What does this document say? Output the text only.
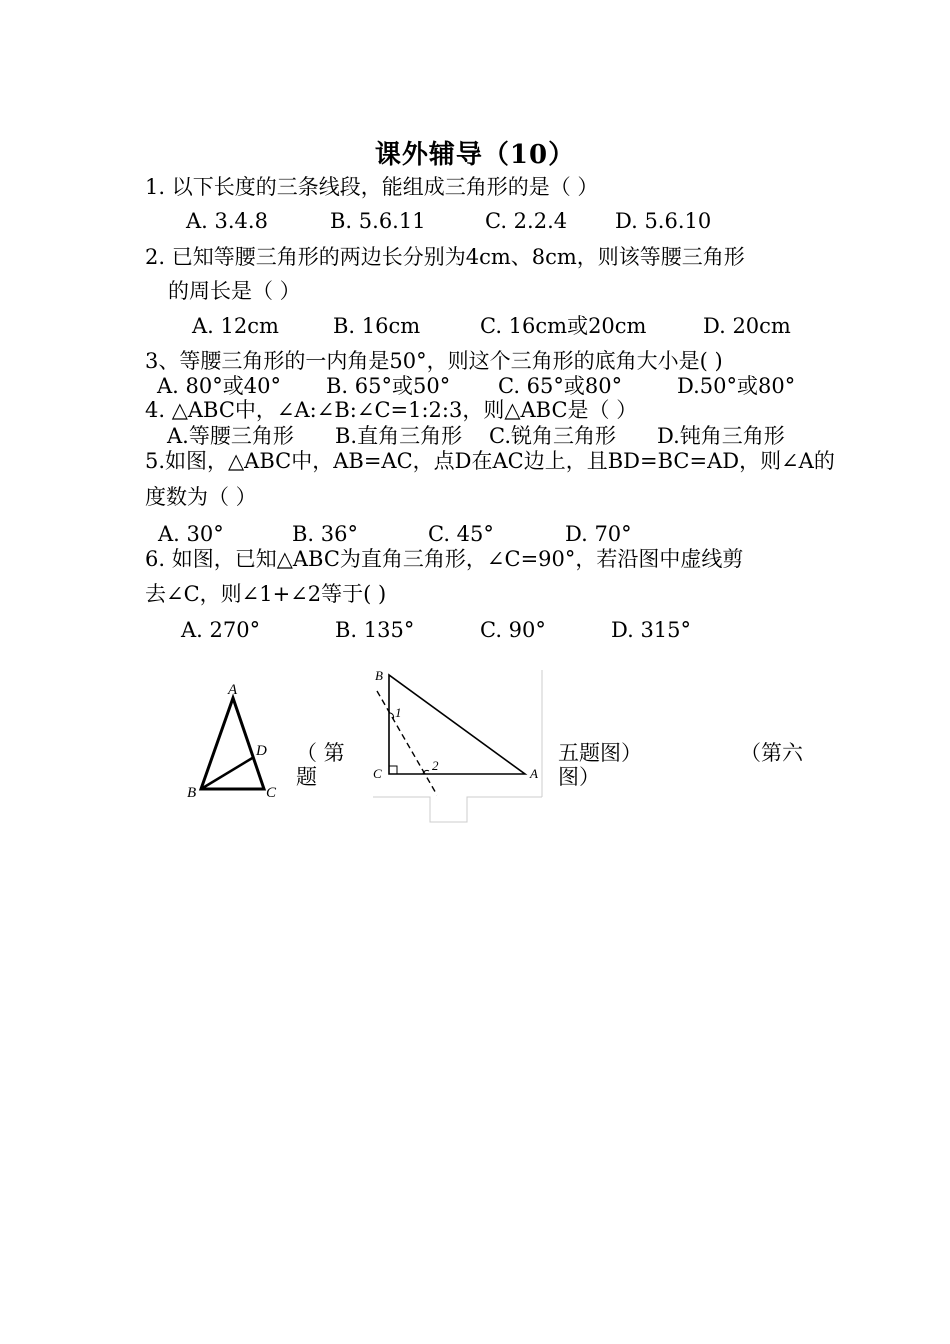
课外辅导（10）
1. 以下长度的三条线段，能组成三角形的是（ ）
A. 3.4.8	B. 5.6.11	C. 2.2.4 D. 5.6.10
2. 已知等腰三角形的两边长分别为4cm、8cm，则该等腰三角形
的周长是（ ）
A. 12cm	B. 16cm	C. 16cm或20cm	D. 20cm
3、等腰三角形的一内角是50°，则这个三角形的底角大小是( )
A. 80°或40° B. 65°或50° C. 65°或80°	D.50°或80°
4. △ABC中，∠A:∠B:∠C=1:2:3，则△ABC是（ ）
A.等腰三角形 B.直角三角形 C.锐角三角形 D.钝角三角形
5.如图，△ABC中，AB=AC，点D在AC边上，且BD=BC=AD，则∠A的
度数为（ ）
A. 30°	B. 36°	C. 45°	D. 70°
6. 如图，已知△ABC为直角三角形，∠C=90°，若沿图中虚线剪
去∠C，则∠1+∠2等于( )
A. 270°	B. 135°	C. 90°	D. 315°
A
D
B	C
B
1
C
2
A
（ 第
题
五题图）	（第六
图）
